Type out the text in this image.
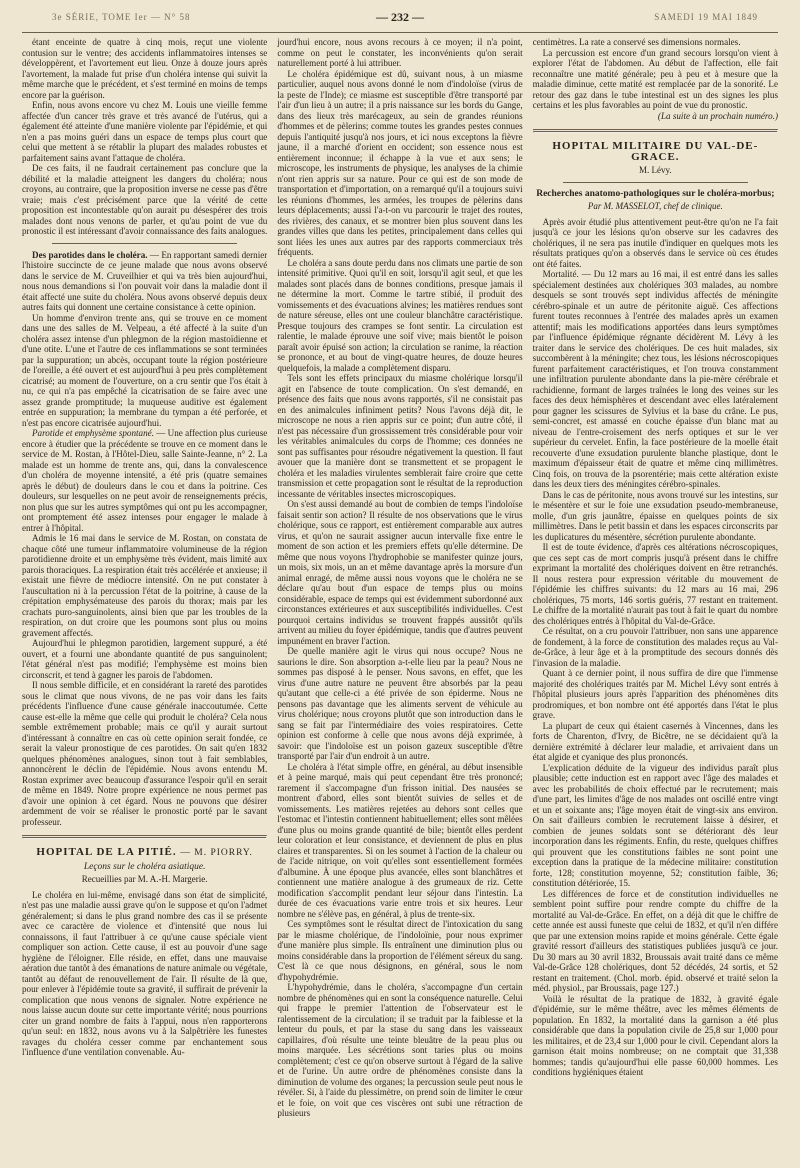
3e SÉRIE, TOME Ier — N° 58	— 232 —	SAMEDI 19 MAI 1849

étant enceinte de quatre à cinq mois, reçut une violente contusion sur le ventre; des accidents inflammatoires intenses se développèrent, et l'avortement eut lieu. Onze à douze jours après l'avortement, la malade fut prise d'un choléra intense qui suivit la même marche que le précédent, et s'est terminé en moins de temps encore par la guérison.

Enfin, nous avons encore vu chez M. Louis une vieille femme affectée d'un cancer très grave et très avancé de l'utérus, qui a également été atteinte d'une manière violente par l'épidémie, et qui n'en a pas moins guéri dans un espace de temps plus court que celui que mettent à se rétablir la plupart des malades robustes et parfaitement sains avant l'attaque de choléra.

De ces faits, il ne faudrait certainement pas conclure que la débilité et la maladie atteignent les dangers du choléra; nous croyons, au contraire, que la proposition inverse ne cesse pas d'être vraie; mais c'est précisément parce que la vérité de cette proposition est incontestable qu'on aurait pu désespérer des trois malades dont nous venons de parler, et qu'au point de vue du pronostic il est intéressant d'avoir connaissance des faits analogues.

Des parotides dans le choléra. — En rapportant samedi dernier l'histoire succincte de ce jeune malade que nous avons observé dans le service de M. Cruveilhier et qui va très bien aujourd'hui, nous nous demandions si l'on pouvait voir dans la maladie dont il était affecté une suite du choléra. Nous avons observé depuis deux autres faits qui donnent une certaine consistance à cette opinion.

Un homme d'environ trente ans, qui se trouve en ce moment dans une des salles de M. Velpeau, a été affecté à la suite d'un choléra assez intense d'un phlegmon de la région mastoïdienne et d'une otite. L'une et l'autre de ces inflammations se sont terminées par la suppuration; un abcès, occupant toute la région postérieure de l'oreille, a été ouvert et est aujourd'hui à peu près complètement cicatrisé; au moment de l'ouverture, on a cru sentir que l'os était à nu, ce qui n'a pas empêché la cicatrisation de se faire avec une assez grande promptitude; la muqueuse auditive est également entrée en suppuration; la membrane du tympan a été perforée, et n'est pas encore cicatrisée aujourd'hui.

Parotide et emphysème spontané. — Une affection plus curieuse encore à étudier que la précédente se trouve en ce moment dans le service de M. Rostan, à l'Hôtel-Dieu, salle Sainte-Jeanne, n° 2. La malade est un homme de trente ans, qui, dans la convalescence d'un choléra de moyenne intensité, a été pris (quatre semaines après le début) de douleurs dans le cou et dans la poitrine. Ces douleurs, sur lesquelles on ne peut avoir de renseignements précis, non plus que sur les autres symptômes qui ont pu les accompagner, ont promptement été assez intenses pour engager le malade à entrer à l'hôpital.

Admis le 16 mai dans le service de M. Rostan, on constata de chaque côté une tumeur inflammatoire volumineuse de la région parotidienne droite et un emphysème très évident, mais limité aux parois thoraciques. La respiration était très accélérée et anxieuse; il existait une fièvre de médiocre intensité. On ne put constater à l'auscultation ni à la percussion l'état de la poitrine, à cause de la crépitation emphysémateuse des parois du thorax; mais par les crachats puro-sanguinolents, ainsi bien que par les troubles de la respiration, on dut croire que les poumons sont plus ou moins gravement affectés.

Aujourd'hui le phlegmon parotidien, largement suppuré, a été ouvert, et a fourni une abondante quantité de pus sanguinolent; l'état général n'est pas modifié; l'emphysème est moins bien circonscrit, et tend à gagner les parois de l'abdomen.

Il nous semble difficile, et en considérant la rareté des parotides sous le climat que nous vivons, de ne pas voir dans les faits précédents l'influence d'une cause générale inaccoutumée. Cette cause est-elle la même que celle qui produit le choléra? Cela nous semble extrêmement probable; mais ce qu'il y aurait surtout d'intéressant à connaître en cas où cette opinion serait fondée, ce serait la valeur pronostique de ces parotides. On sait qu'en 1832 quelques phénomènes analogues, sinon tout à fait semblables, annoncèrent le déclin de l'épidémie. Nous avons entendu M. Rostan exprimer avec beaucoup d'assurance l'espoir qu'il en serait de même en 1849. Notre propre expérience ne nous permet pas d'avoir une opinion à cet égard. Nous ne pouvons que désirer ardemment de voir se réaliser le pronostic porté par le savant professeur.

HOPITAL DE LA PITIÉ. — M. PIORRY.
Leçons sur le choléra asiatique.
Recueillies par M. A.-H. Margerie.

Le choléra en lui-même, envisagé dans son état de simplicité, n'est pas une maladie aussi grave qu'on le suppose et qu'on l'admet généralement; si dans le plus grand nombre des cas il se présente avec ce caractère de violence et d'intensité que nous lui connaissons, il faut l'attribuer à ce qu'une cause spéciale vient compliquer son action. Cette cause, il est au pouvoir d'une sage hygiène de l'éloigner. Elle réside, en effet, dans une mauvaise aération due tantôt à des émanations de nature animale ou végétale, tantôt au défaut de renouvellement de l'air. Il résulte de là que, pour enlever à l'épidémie toute sa gravité, il suffirait de prévenir la complication que nous venons de signaler. Notre expérience ne nous laisse aucun doute sur cette importante vérité; nous pourrions citer un grand nombre de faits à l'appui, nous n'en rapporterons qu'un seul: en 1832, nous avons vu à la Salpêtrière les funestes ravages du choléra cesser comme par enchantement sous l'influence d'une ventilation convenable. Au-

jourd'hui encore, nous avons recours à ce moyen; il n'a point, comme on peut le constater, les inconvénients qu'on serait naturellement porté à lui attribuer.

Le choléra épidémique est dû, suivant nous, à un miasme particulier, auquel nous avons donné le nom d'indoloïse (virus de la peste de l'Inde); ce miasme est susceptible d'être transporté par l'air d'un lieu à un autre; il a pris naissance sur les bords du Gange, dans des lieux très marécageux, au sein de grandes réunions d'hommes et de pèlerins; comme toutes les grandes pestes connues depuis l'antiquité jusqu'à nos jours, et ici nous exceptons la fièvre jaune, il a marché d'orient en occident; son essence nous est entièrement inconnue; il échappe à la vue et aux sens; le microscope, les instruments de physique, les analyses de la chimie n'ont rien appris sur sa nature. Pour ce qui est de son mode de transportation et d'importation, on a remarqué qu'il a toujours suivi les réunions d'hommes, les armées, les troupes de pèlerins dans leurs déplacements; aussi l'a-t-on vu parcourir le trajet des routes, des rivières, des canaux, et se montrer bien plus souvent dans les grandes villes que dans les petites, principalement dans celles qui sont liées les unes aux autres par des rapports commerciaux très fréquents.

Le choléra a sans doute perdu dans nos climats une partie de son intensité primitive. Quoi qu'il en soit, lorsqu'il agit seul, et que les malades sont placés dans de bonnes conditions, presque jamais il ne détermine la mort. Comme le tartre stibié, il produit des vomissements et des évacuations alvines; les matières rendues sont de nature séreuse, elles ont une couleur blanchâtre caractéristique. Presque toujours des crampes se font sentir. La circulation est ralentie, le malade éprouve une soif vive; mais bientôt le poison paraît avoir épuisé son action; la circulation se ranime, la réaction se prononce, et au bout de vingt-quatre heures, de douze heures quelquefois, la malade a complètement disparu.

Tels sont les effets principaux du miasme cholérique lorsqu'il agit en l'absence de toute complication. On s'est demandé, en présence des faits que nous avons rapportés, s'il ne consistait pas en des animalcules infiniment petits? Nous l'avons déjà dit, le microscope ne nous a rien appris sur ce point; d'un autre côté, il n'est pas nécessaire d'un grossissement très considérable pour voir les véritables animalcules du corps de l'homme; ces données ne sont pas suffisantes pour résoudre négativement la question. Il faut avouer que la manière dont se transmettent et se propagent le choléra et les maladies virulentes semblerait faire croire que cette transmission et cette propagation sont le résultat de la reproduction incessante de véritables insectes microscopiques.

On s'est aussi demandé au bout de combien de temps l'indoloïse faisait sentir son action? Il résulte de nos observations que le virus cholérique, sous ce rapport, est entièrement comparable aux autres virus, et qu'on ne saurait assigner aucun intervalle fixe entre le moment de son action et les premiers effets qu'elle détermine. De même que nous voyons l'hydrophobie se manifester quinze jours, un mois, six mois, un an et même davantage après la morsure d'un animal enragé, de même aussi nous voyons que le choléra ne se déclare qu'au bout d'un espace de temps plus ou moins considérable, espace de temps qui est évidemment subordonné aux circonstances extérieures et aux susceptibilités individuelles. C'est pourquoi certains individus se trouvent frappés aussitôt qu'ils arrivent au milieu du foyer épidémique, tandis que d'autres peuvent impunément en braver l'action.

De quelle manière agit le virus qui nous occupe? Nous ne saurions le dire. Son absorption a-t-elle lieu par la peau? Nous ne sommes pas disposé à le penser. Nous savons, en effet, que les virus d'une autre nature ne peuvent être absorbés par la peau qu'autant que celle-ci a été privée de son épiderme. Nous ne pensons pas davantage que les aliments servent de véhicule au virus cholérique; nous croyons plutôt que son introduction dans le sang se fait par l'intermédiaire des voies respiratoires. Cette opinion est conforme à celle que nous avons déjà exprimée, à savoir: que l'indoloïse est un poison gazeux susceptible d'être transporté par l'air d'un endroit à un autre.

Le choléra à l'état simple offre, en général, au début insensible et à peine marqué, mais qui peut cependant être très prononcé; rarement il s'accompagne d'un frisson initial. Des nausées se montrent d'abord, elles sont bientôt suivies de selles et de vomissements. Les matières rejetées au dehors sont celles que l'estomac et l'intestin contiennent habituellement; elles sont mêlées d'une plus ou moins grande quantité de bile; bientôt elles perdent leur coloration et leur consistance, et deviennent de plus en plus claires et transparentes. Si on les soumet à l'action de la chaleur ou de l'acide nitrique, on voit qu'elles sont essentiellement formées d'albumine. À une époque plus avancée, elles sont blanchâtres et contiennent une matière analogue à des grumeaux de riz. Cette modification s'accomplit pendant leur séjour dans l'intestin. La durée de ces évacuations varie entre trois et six heures. Leur nombre ne s'élève pas, en général, à plus de trente-six.

Ces symptômes sont le résultat direct de l'intoxication du sang par le miasme cholérique, de l'indoloïnie, pour nous exprimer d'une manière plus simple. Ils entraînent une diminution plus ou moins considérable dans la proportion de l'élément séreux du sang. C'est là ce que nous désignons, en général, sous le nom d'hypohydrémie.

L'hypohydrémie, dans le choléra, s'accompagne d'un certain nombre de phénomènes qui en sont la conséquence naturelle. Celui qui frappe le premier l'attention de l'observateur est le ralentissement de la circulation; il se traduit par la faiblesse et la lenteur du pouls, et par la stase du sang dans les vaisseaux capillaires, d'où résulte une teinte bleuâtre de la peau plus ou moins marquée. Les sécrétions sont taries plus ou moins complètement; c'est ce qu'on observe surtout à l'égard de la salive et de l'urine. Un autre ordre de phénomènes consiste dans la diminution de volume des organes; la percussion seule peut nous le révéler. Si, à l'aide du plessimètre, on prend soin de limiter le cœur et le foie, on voit que ces viscères ont subi une rétraction de plusieurs

centimètres. La rate a conservé ses dimensions normales.

La percussion est encore d'un grand secours lorsqu'on vient à explorer l'état de l'abdomen. Au début de l'affection, elle fait reconnaître une matité générale; peu à peu et à mesure que la maladie diminue, cette matité est remplacée par de la sonorité. Le retour des gaz dans le tube intestinal est un des signes les plus certains et les plus favorables au point de vue du pronostic.

(La suite à un prochain numéro.)

HOPITAL MILITAIRE DU VAL-DE-GRACE.
M. Lévy.
Recherches anatomo-pathologiques sur le choléra-morbus;
Par M. MASSELOT, chef de clinique.

Après avoir étudié plus attentivement peut-être qu'on ne l'a fait jusqu'à ce jour les lésions qu'on observe sur les cadavres des cholériques, il ne sera pas inutile d'indiquer en quelques mots les résultats pratiques qu'on a observés dans le service où ces études ont été faites.

Mortalité. — Du 12 mars au 16 mai, il est entré dans les salles spécialement destinées aux cholériques 303 malades, au nombre desquels se sont trouvés sept individus affectés de méningite cérébro-spinale et un autre de péritonite aiguë. Ces affections furent toutes reconnues à l'entrée des malades après un examen attentif; mais les modifications apportées dans leurs symptômes par l'influence épidémique régnante décidèrent M. Lévy à les traiter dans le service des cholériques. De ces huit malades, six succombèrent à la méningite; chez tous, les lésions nécroscopiques furent parfaitement caractéristiques, et l'on trouva constamment une infiltration purulente abondante dans la pie-mère cérébrale et rachidienne, formant de larges traînées le long des veines sur les faces des deux hémisphères et descendant avec elles latéralement pour gagner les scissures de Sylvius et la base du crâne. Le pus, semi-concret, est amassé en couche épaisse d'un blanc mat au niveau de l'entre-croisement des nerfs optiques et sur le ver supérieur du cervelet. Enfin, la face postérieure de la moelle était recouverte d'une exsudation purulente blanche plastique, dont le maximum d'épaisseur était de quatre et même cinq millimètres. Cinq fois, on trouva de la psorentérie; mais cette altération existe dans les deux tiers des méningites cérébro-spinales.

Dans le cas de péritonite, nous avons trouvé sur les intestins, sur le mésentère et sur le foie une exsudation pseudo-membraneuse, molle, d'un gris jaunâtre, épaisse en quelques points de six millimètres. Dans le petit bassin et dans les espaces circonscrits par les duplicatures du mésentère, sécrétion purulente abondante.

Il est de toute évidence, d'après ces altérations nécroscopiques, que ces sept cas de mort compris jusqu'à présent dans le chiffre exprimant la mortalité des cholériques doivent en être retranchés. Il nous restera pour expression véritable du mouvement de l'épidémie les chiffres suivants: du 12 mars au 16 mai, 296 cholériques, 75 morts, 146 sortis guéris, 77 restant en traitement. Le chiffre de la mortalité n'aurait pas tout à fait le quart du nombre des cholériques entrés à l'hôpital du Val-de-Grâce.

Ce résultat, on a cru pouvoir l'attribuer, non sans une apparence de fondement, à la force de constitution des malades reçus au Val-de-Grâce, à leur âge et à la promptitude des secours donnés dès l'invasion de la maladie.

Quant à ce dernier point, il nous suffira de dire que l'immense majorité des cholériques traités par M. Michel Lévy sont entrés à l'hôpital plusieurs jours après l'apparition des phénomènes dits prodromiques, et bon nombre ont été apportés dans l'état le plus grave.

La plupart de ceux qui étaient casernés à Vincennes, dans les forts de Charenton, d'Ivry, de Bicêtre, ne se décidaient qu'à la dernière extrémité à déclarer leur maladie, et arrivaient dans un état algide et cyanique des plus prononcés.

L'explication déduite de la vigueur des individus paraît plus plausible; cette induction est en rapport avec l'âge des malades et avec les probabilités de choix effectué par le recrutement; mais d'une part, les limites d'âge de nos malades ont oscillé entre vingt et un et soixante ans; l'âge moyen était de vingt-six ans environ. On sait d'ailleurs combien le recrutement laisse à désirer, et combien de jeunes soldats sont se détériorant dès leur incorporation dans les régiments. Enfin, du reste, quelques chiffres qui prouvent que les constitutions faibles ne sont point une exception dans la pratique de la médecine militaire: constitution forte, 128; constitution moyenne, 52; constitution faible, 36; constitution détériorée, 15.

Les différences de force et de constitution individuelles ne semblent point suffire pour rendre compte du chiffre de la mortalité au Val-de-Grâce. En effet, on a déjà dit que le chiffre de cette année est aussi funeste que celui de 1832, et qu'il n'en différe que par une extension moins rapide et moins générale. Cette égale gravité ressort d'ailleurs des statistiques publiées jusqu'à ce jour. Du 30 mars au 30 avril 1832, Broussais avait traité dans ce même Val-de-Grâce 128 cholériques, dont 52 décédés, 24 sortis, et 52 restant en traitement. (Chol. morb. épid. observé et traité selon la méd. physiol., par Broussais, page 127.)

Voilà le résultat de la pratique de 1832, à gravité égale d'épidémie, sur le même théâtre, avec les mêmes éléments de population. En 1832, la mortalité dans la garnison a été plus considérable que dans la population civile de 25,8 sur 1,000 pour les militaires, et de 23,4 sur 1,000 pour le civil. Cependant alors la garnison était moins nombreuse; on ne comptait que 31,338 hommes; tandis qu'aujourd'hui elle passe 60,000 hommes. Les conditions hygiéniques étaient
